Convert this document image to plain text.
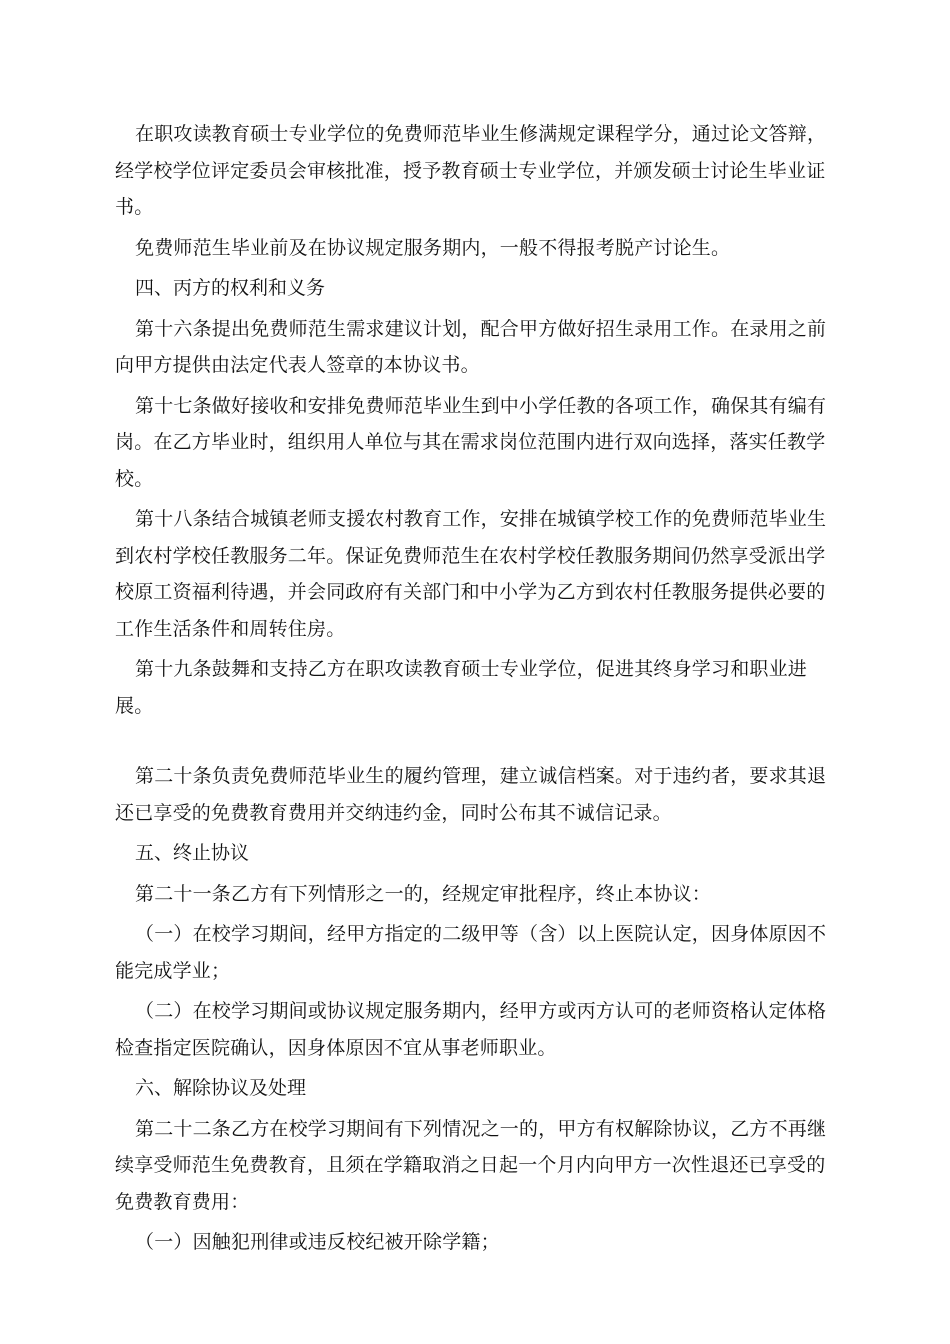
在职攻读教育硕士专业学位的免费师范毕业生修满规定课程学分，通过论文答辩，经学校学位评定委员会审核批准，授予教育硕士专业学位，并颁发硕士讨论生毕业证书。

免费师范生毕业前及在协议规定服务期内，一般不得报考脱产讨论生。

四、丙方的权利和义务

第十六条提出免费师范生需求建议计划，配合甲方做好招生录用工作。在录用之前向甲方提供由法定代表人签章的本协议书。

第十七条做好接收和安排免费师范毕业生到中小学任教的各项工作，确保其有编有岗。在乙方毕业时，组织用人单位与其在需求岗位范围内进行双向选择，落实任教学校。

第十八条结合城镇老师支援农村教育工作，安排在城镇学校工作的免费师范毕业生到农村学校任教服务二年。保证免费师范生在农村学校任教服务期间仍然享受派出学校原工资福利待遇，并会同政府有关部门和中小学为乙方到农村任教服务提供必要的工作生活条件和周转住房。

第十九条鼓舞和支持乙方在职攻读教育硕士专业学位，促进其终身学习和职业进展。

第二十条负责免费师范毕业生的履约管理，建立诚信档案。对于违约者，要求其退还已享受的免费教育费用并交纳违约金，同时公布其不诚信记录。

五、终止协议

第二十一条乙方有下列情形之一的，经规定审批程序，终止本协议：

（一）在校学习期间，经甲方指定的二级甲等（含）以上医院认定，因身体原因不能完成学业；

（二）在校学习期间或协议规定服务期内，经甲方或丙方认可的老师资格认定体格检查指定医院确认，因身体原因不宜从事老师职业。

六、解除协议及处理

第二十二条乙方在校学习期间有下列情况之一的，甲方有权解除协议，乙方不再继续享受师范生免费教育，且须在学籍取消之日起一个月内向甲方一次性退还已享受的免费教育费用：

（一）因触犯刑律或违反校纪被开除学籍；
